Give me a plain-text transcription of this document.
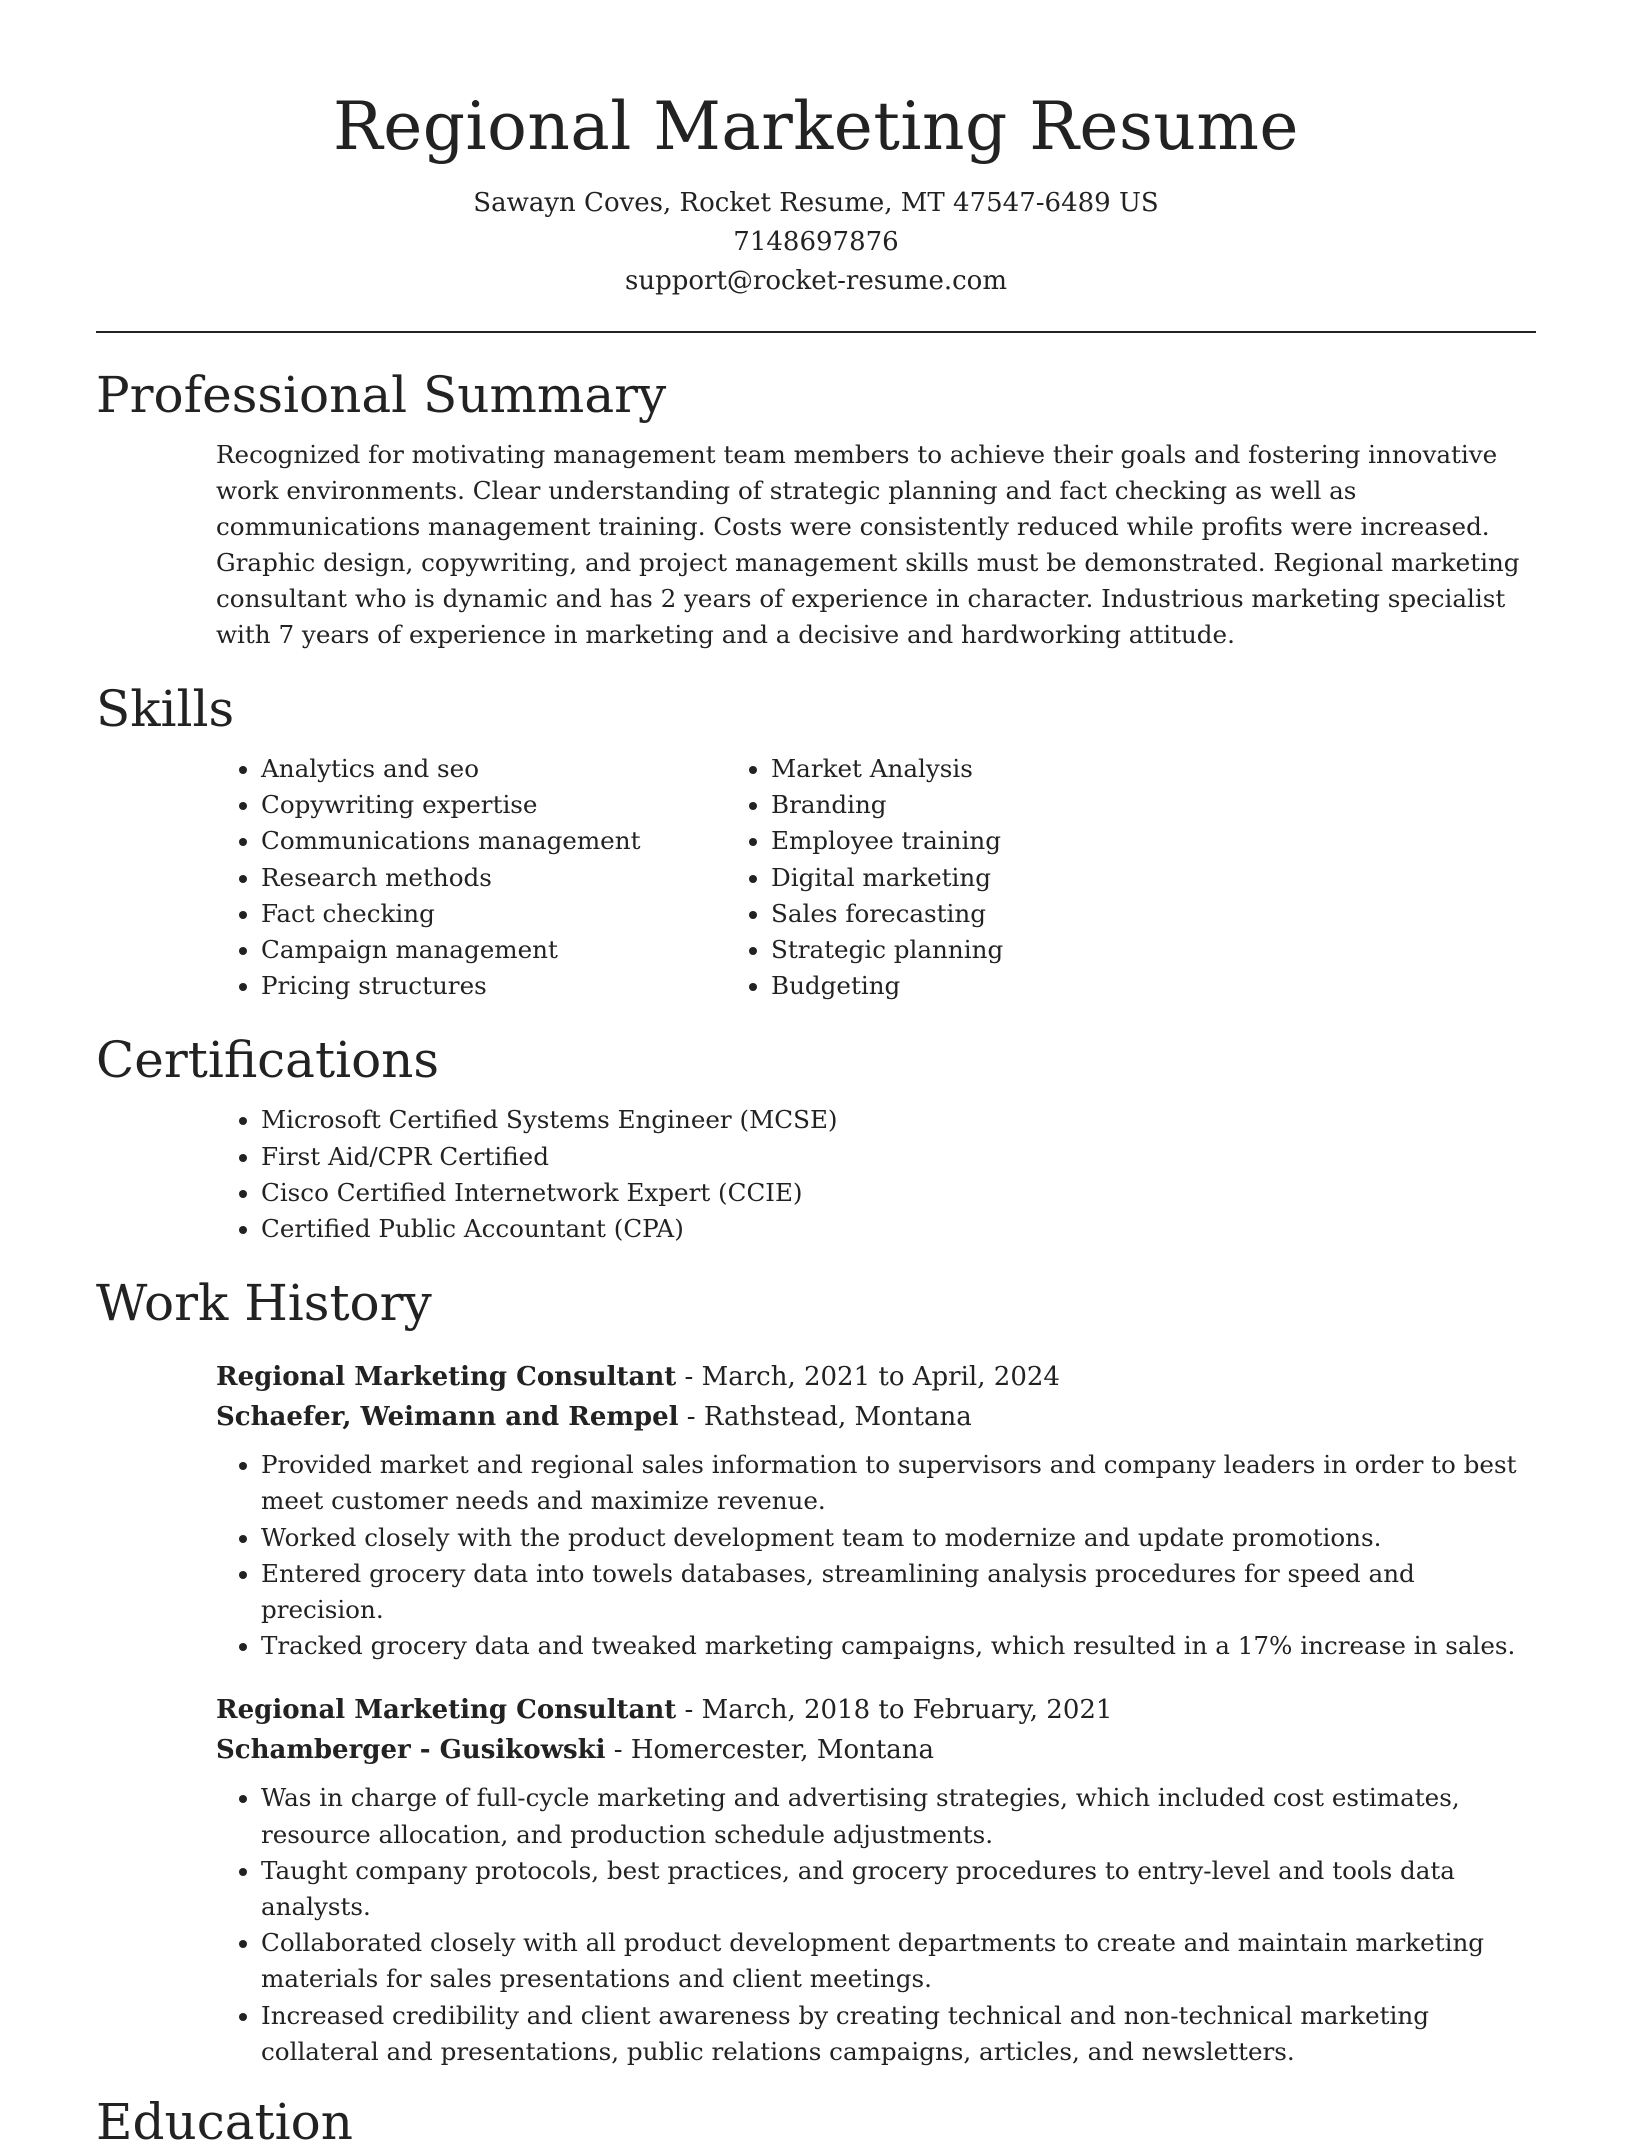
Regional Marketing Resume
Sawayn Coves, Rocket Resume, MT 47547-6489 US
7148697876
support@rocket-resume.com
Professional Summary

Recognized for motivating management team members to achieve their goals and fostering innovative work environments. Clear understanding of strategic planning and fact checking as well as communications management training. Costs were consistently reduced while profits were increased. Graphic design, copywriting, and project management skills must be demonstrated. Regional marketing consultant who is dynamic and has 2 years of experience in character. Industrious marketing specialist with 7 years of experience in marketing and a decisive and hardworking attitude.

Skills
• Analytics and seo
• Copywriting expertise
• Communications management
• Research methods
• Fact checking
• Campaign management
• Pricing structures
• Market Analysis
• Branding
• Employee training
• Digital marketing
• Sales forecasting
• Strategic planning
• Budgeting
Certifications
• Microsoft Certified Systems Engineer (MCSE)
• First Aid/CPR Certified
• Cisco Certified Internetwork Expert (CCIE)
• Certified Public Accountant (CPA)
Work History
Regional Marketing Consultant - March, 2021 to April, 2024
Schaefer, Weimann and Rempel - Rathstead, Montana
• Provided market and regional sales information to supervisors and company leaders in order to best meet customer needs and maximize revenue.
• Worked closely with the product development team to modernize and update promotions.
• Entered grocery data into towels databases, streamlining analysis procedures for speed and precision.
• Tracked grocery data and tweaked marketing campaigns, which resulted in a 17% increase in sales.
Regional Marketing Consultant - March, 2018 to February, 2021
Schamberger - Gusikowski - Homercester, Montana
• Was in charge of full-cycle marketing and advertising strategies, which included cost estimates, resource allocation, and production schedule adjustments.
• Taught company protocols, best practices, and grocery procedures to entry-level and tools data analysts.
• Collaborated closely with all product development departments to create and maintain marketing materials for sales presentations and client meetings.
• Increased credibility and client awareness by creating technical and non-technical marketing collateral and presentations, public relations campaigns, articles, and newsletters.
Education
